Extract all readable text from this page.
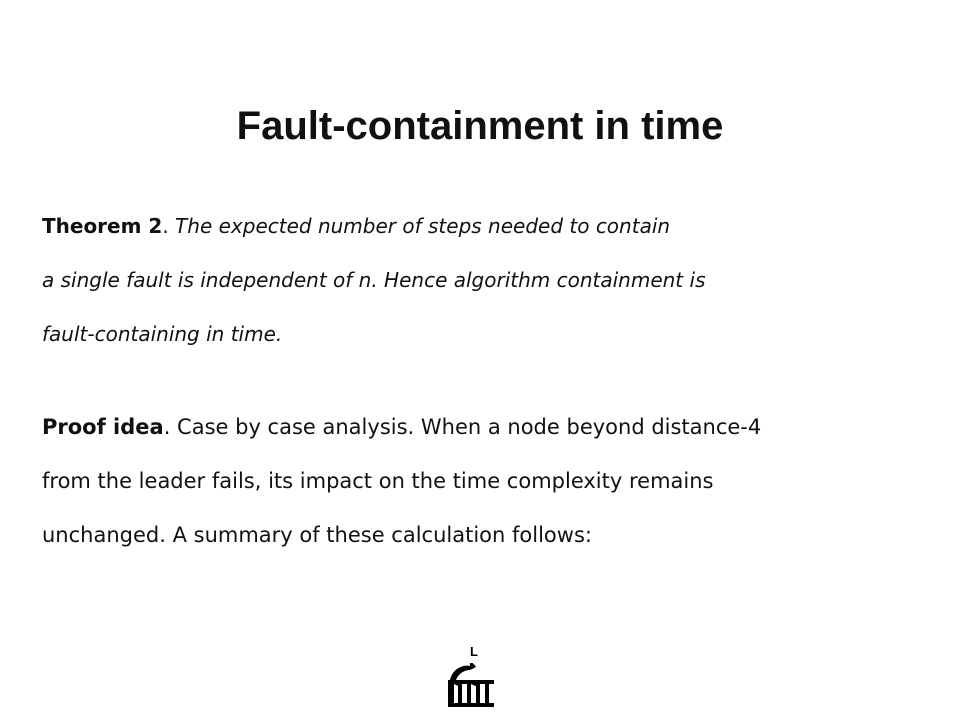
Fault-containment in time
Theorem 2. The expected number of steps needed to contain
a single fault is independent of n. Hence algorithm containment is
fault-containing in time.
Proof idea. Case by case analysis. When a node beyond distance-4
from the leader fails, its impact on the time complexity remains
unchanged. A summary of these calculation follows:
L
